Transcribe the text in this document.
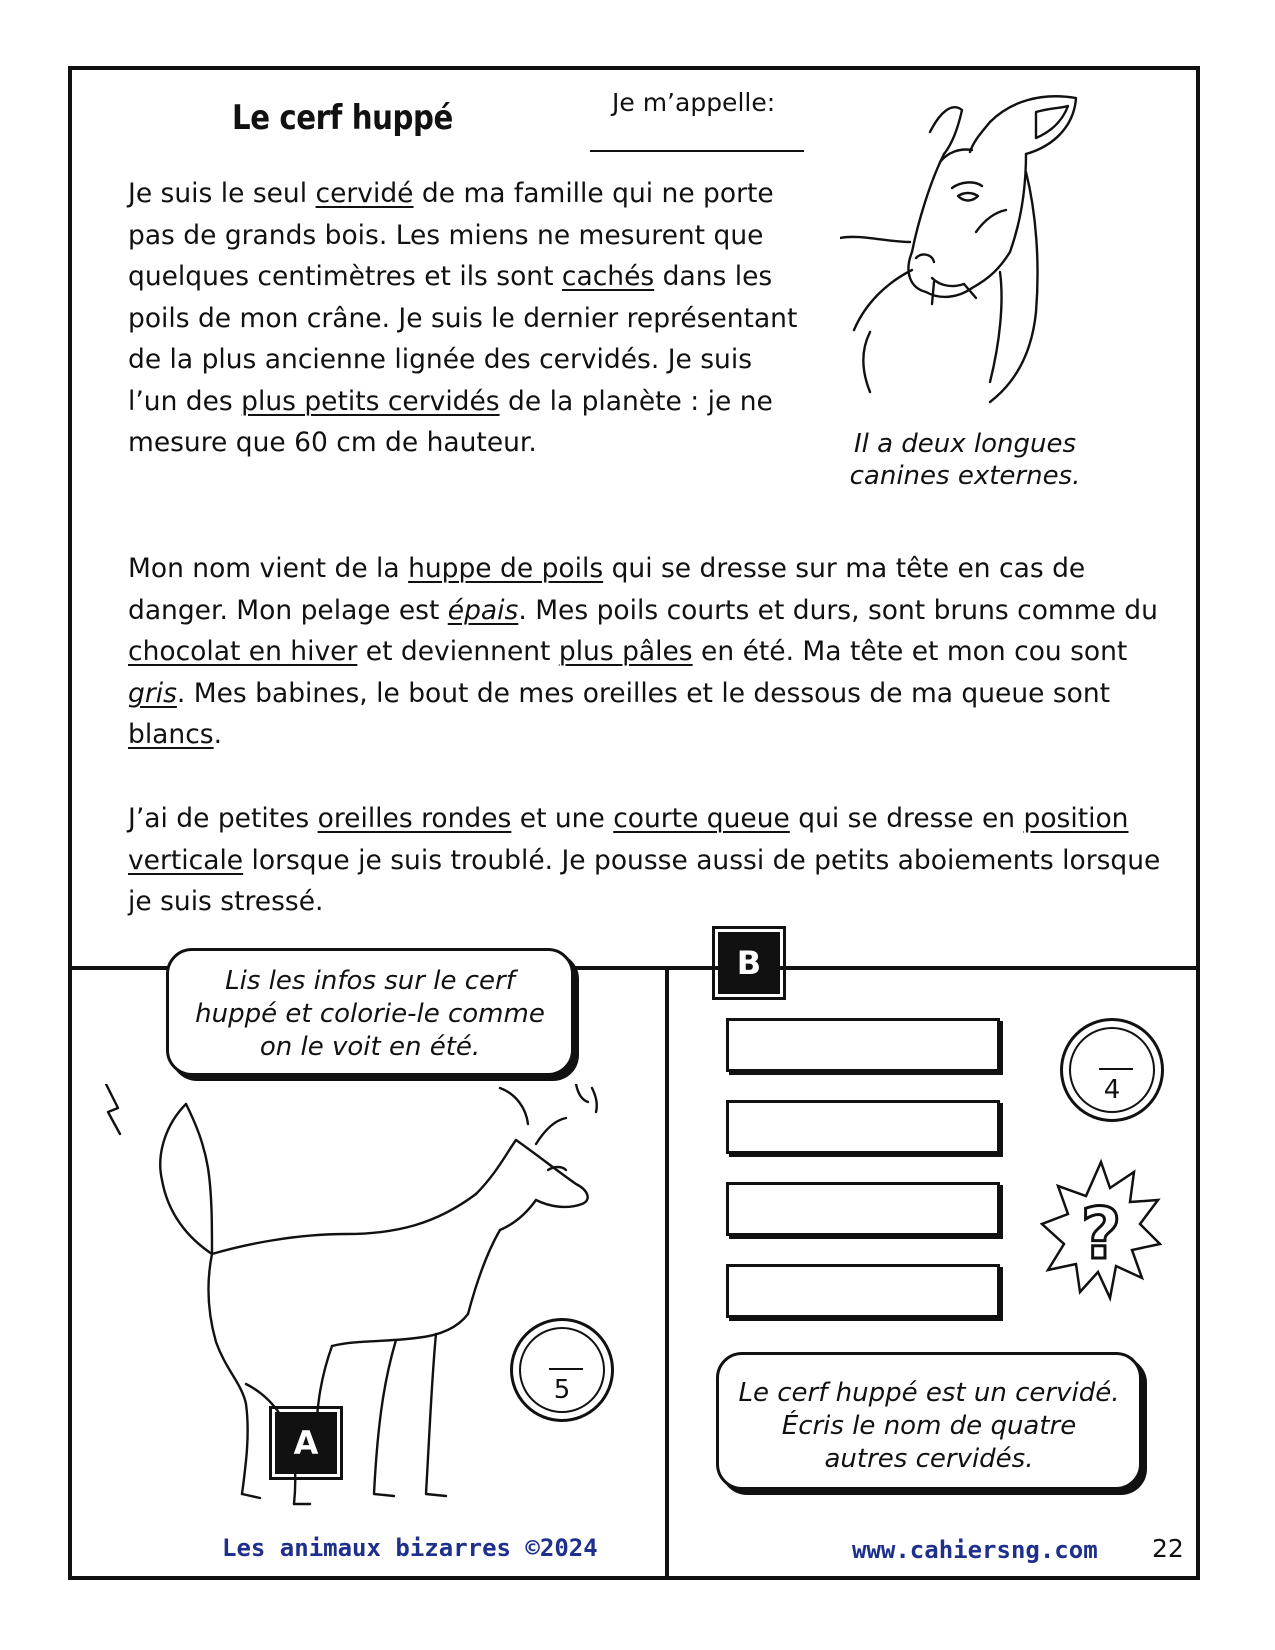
Le cerf huppé	Je m’appelle:

Je suis le seul cervidé de ma famille qui ne porte pas de grands bois. Les miens ne mesurent que quelques centimètres et ils sont cachés dans les poils de mon crâne. Je suis le dernier représentant de la plus ancienne lignée des cervidés. Je suis l’un des plus petits cervidés de la planète : je ne mesure que 60 cm de hauteur.

Mon nom vient de la huppe de poils qui se dresse sur ma tête en cas de danger. Mon pelage est épais. Mes poils courts et durs, sont bruns comme du chocolat en hiver et deviennent plus pâles en été. Ma tête et mon cou sont gris. Mes babines, le bout de mes oreilles et le dessous de ma queue sont blancs.

J’ai de petites oreilles rondes et une courte queue qui se dresse en position verticale lorsque je suis troublé. Je pousse aussi de petits aboiements lorsque je suis stressé.

Il a deux longues canines externes.
Lis les infos sur le cerf huppé et colorie-le comme on le voit en été.
5
A
B
4
?
Le cerf huppé est un cervidé. Écris le nom de quatre autres cervidés.
Les animaux bizarres ©2024	www.cahiersng.com 22
